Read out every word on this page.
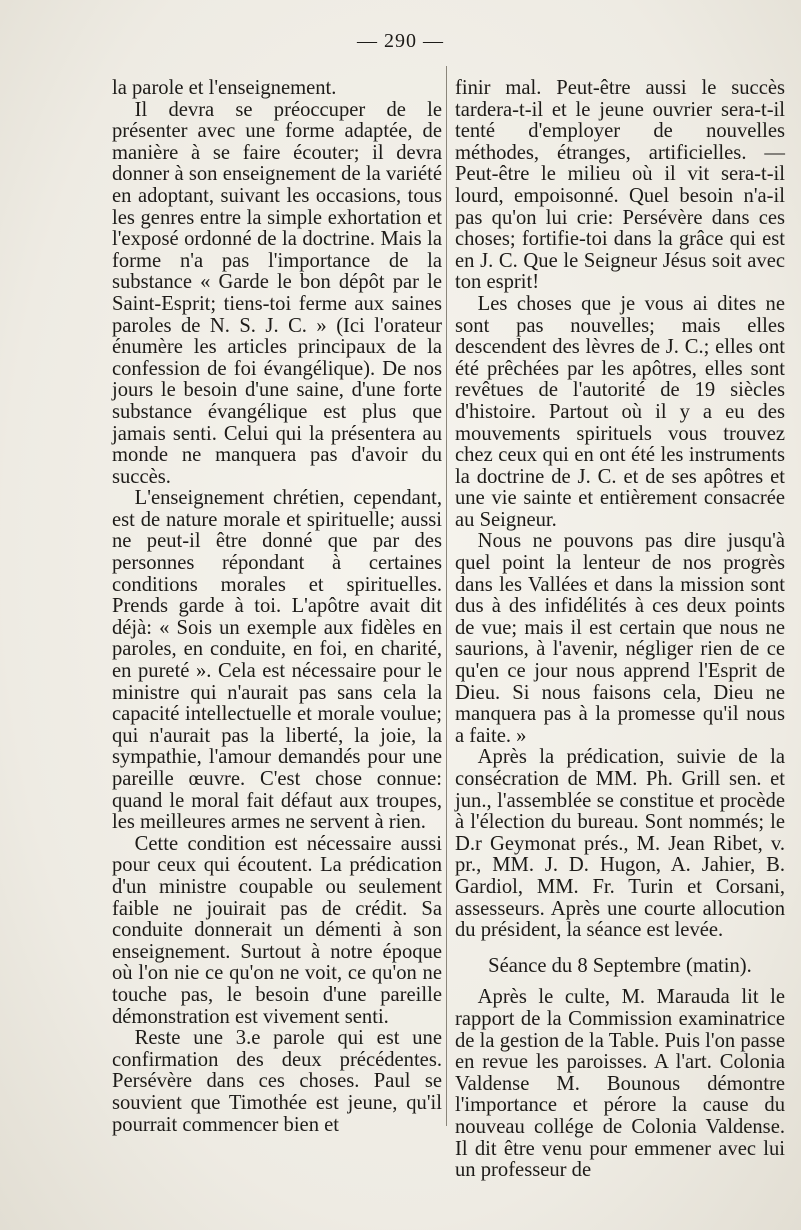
— 290 —

la parole et l'enseignement.

Il devra se préoccuper de le présenter avec une forme adaptée, de manière à se faire écouter; il devra donner à son enseignement de la variété en adoptant, suivant les occasions, tous les genres entre la simple exhortation et l'exposé ordonné de la doctrine. Mais la forme n'a pas l'importance de la substance « Garde le bon dépôt par le Saint-Esprit; tiens-toi ferme aux saines paroles de N. S. J. C. » (Ici l'orateur énumère les articles principaux de la confession de foi évangélique). De nos jours le besoin d'une saine, d'une forte substance évangélique est plus que jamais senti. Celui qui la présentera au monde ne manquera pas d'avoir du succès.

L'enseignement chrétien, cependant, est de nature morale et spirituelle; aussi ne peut-il être donné que par des personnes répondant à certaines conditions morales et spirituelles. Prends garde à toi. L'apôtre avait dit déjà: « Sois un exemple aux fidèles en paroles, en conduite, en foi, en charité, en pureté ». Cela est nécessaire pour le ministre qui n'aurait pas sans cela la capacité intellectuelle et morale voulue; qui n'aurait pas la liberté, la joie, la sympathie, l'amour demandés pour une pareille œuvre. C'est chose connue: quand le moral fait défaut aux troupes, les meilleures armes ne servent à rien.

Cette condition est nécessaire aussi pour ceux qui écoutent. La prédication d'un ministre coupable ou seulement faible ne jouirait pas de crédit. Sa conduite donnerait un démenti à son enseignement. Surtout à notre époque où l'on nie ce qu'on ne voit, ce qu'on ne touche pas, le besoin d'une pareille démonstration est vivement senti.

Reste une 3.e parole qui est une confirmation des deux précédentes. Persévère dans ces choses. Paul se souvient que Timothée est jeune, qu'il pourrait commencer bien et

finir mal. Peut-être aussi le succès tardera-t-il et le jeune ouvrier sera-t-il tenté d'employer de nouvelles méthodes, étranges, artificielles. — Peut-être le milieu où il vit sera-t-il lourd, empoisonné. Quel besoin n'a-il pas qu'on lui crie: Persévère dans ces choses; fortifie-toi dans la grâce qui est en J. C. Que le Seigneur Jésus soit avec ton esprit!

Les choses que je vous ai dites ne sont pas nouvelles; mais elles descendent des lèvres de J. C.; elles ont été prêchées par les apôtres, elles sont revêtues de l'autorité de 19 siècles d'histoire. Partout où il y a eu des mouvements spirituels vous trouvez chez ceux qui en ont été les instruments la doctrine de J. C. et de ses apôtres et une vie sainte et entièrement consacrée au Seigneur.

Nous ne pouvons pas dire jusqu'à quel point la lenteur de nos progrès dans les Vallées et dans la mission sont dus à des infidélités à ces deux points de vue; mais il est certain que nous ne saurions, à l'avenir, négliger rien de ce qu'en ce jour nous apprend l'Esprit de Dieu. Si nous faisons cela, Dieu ne manquera pas à la promesse qu'il nous a faite. »

Après la prédication, suivie de la consécration de MM. Ph. Grill sen. et jun., l'assemblée se constitue et procède à l'élection du bureau. Sont nommés; le D.r Geymonat prés., M. Jean Ribet, v. pr., MM. J. D. Hugon, A. Jahier, B. Gardiol, MM. Fr. Turin et Corsani, assesseurs. Après une courte allocution du président, la séance est levée.

Séance du 8 Septembre (matin).

Après le culte, M. Marauda lit le rapport de la Commission examinatrice de la gestion de la Table. Puis l'on passe en revue les paroisses. A l'art. Colonia Valdense M. Bounous démontre l'importance et pérore la cause du nouveau collége de Colonia Valdense. Il dit être venu pour emmener avec lui un professeur de
